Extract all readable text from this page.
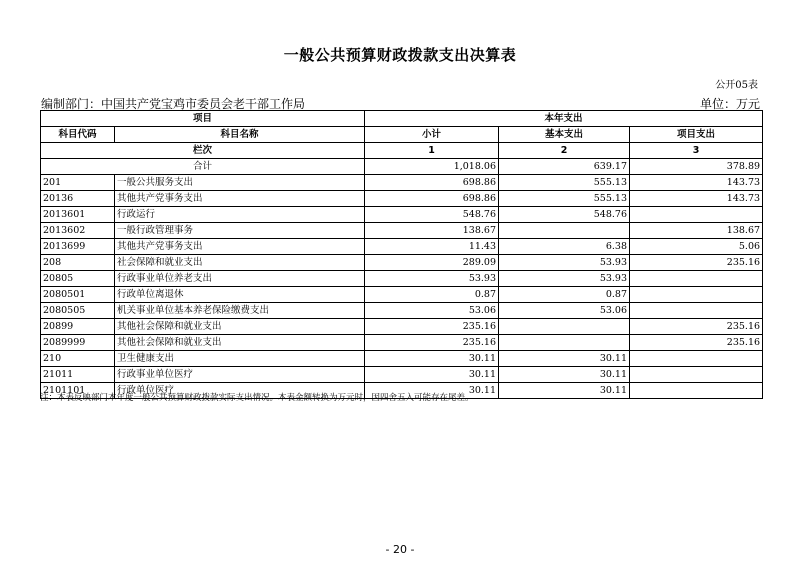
一般公共预算财政拨款支出决算表
公开05表
编制部门：中国共产党宝鸡市委员会老干部工作局	单位：万元
项目		本年支出		
科目代码	科目名称	小计	基本支出	项目支出
栏次		1	2	3
合计		1,018.06	639.17	378.89
201	一般公共服务支出	698.86	555.13	143.73
20136	其他共产党事务支出	698.86	555.13	143.73
2013601	行政运行	548.76	548.76	
2013602	一般行政管理事务	138.67		138.67
2013699	其他共产党事务支出	11.43	6.38	5.06
208	社会保障和就业支出	289.09	53.93	235.16
20805	行政事业单位养老支出	53.93	53.93	
2080501	行政单位离退休	0.87	0.87	
2080505	机关事业单位基本养老保险缴费支出	53.06	53.06	
20899	其他社会保障和就业支出	235.16		235.16
2089999	其他社会保障和就业支出	235.16		235.16
210	卫生健康支出	30.11	30.11	
21011	行政事业单位医疗	30.11	30.11	
2101101	行政单位医疗	30.11	30.11	
注：本表反映部门本年度一般公共预算财政拨款实际支出情况。本表金额转换为万元时，因四舍五入可能存在尾差。
- 20 -
